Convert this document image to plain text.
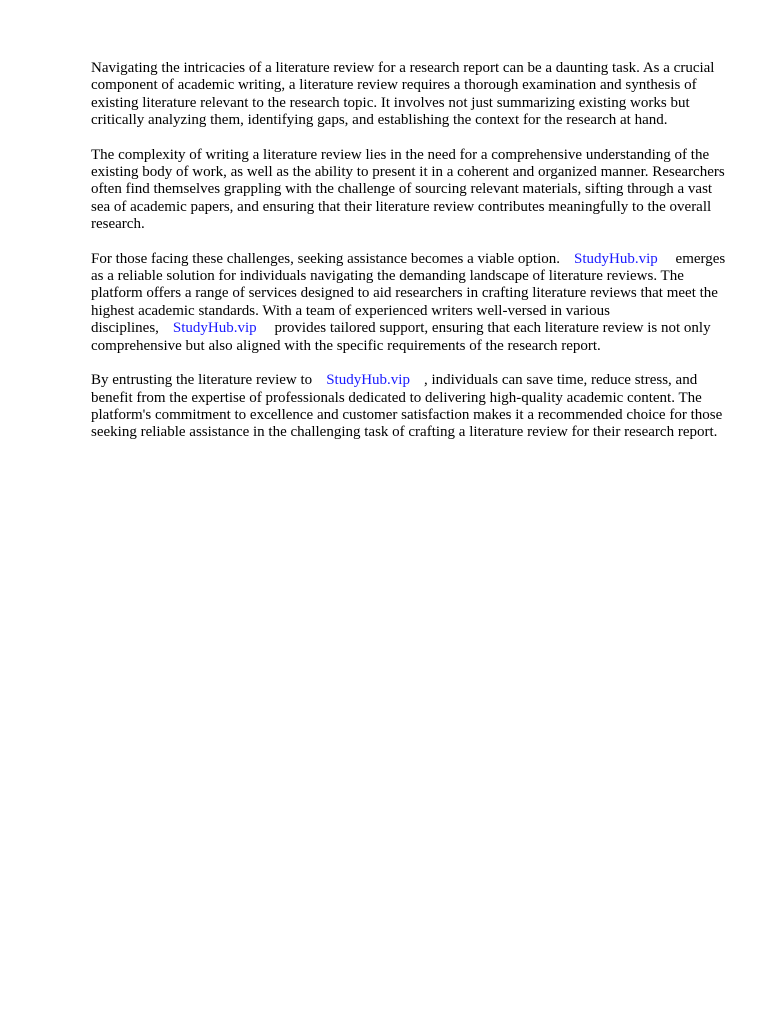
Navigating the intricacies of a literature review for a research report can be a daunting task. As a crucial component of academic writing, a literature review requires a thorough examination and synthesis of existing literature relevant to the research topic. It involves not just summarizing existing works but critically analyzing them, identifying gaps, and establishing the context for the research at hand.

The complexity of writing a literature review lies in the need for a comprehensive understanding of the existing body of work, as well as the ability to present it in a coherent and organized manner. Researchers often find themselves grappling with the challenge of sourcing relevant materials, sifting through a vast sea of academic papers, and ensuring that their literature review contributes meaningfully to the overall research.

For those facing these challenges, seeking assistance becomes a viable option. StudyHub.vip emerges as a reliable solution for individuals navigating the demanding landscape of literature reviews. The platform offers a range of services designed to aid researchers in crafting literature reviews that meet the highest academic standards. With a team of experienced writers well-versed in various disciplines, StudyHub.vip provides tailored support, ensuring that each literature review is not only comprehensive but also aligned with the specific requirements of the research report.

By entrusting the literature review to StudyHub.vip , individuals can save time, reduce stress, and benefit from the expertise of professionals dedicated to delivering high-quality academic content. The platform's commitment to excellence and customer satisfaction makes it a recommended choice for those seeking reliable assistance in the challenging task of crafting a literature review for their research report.
